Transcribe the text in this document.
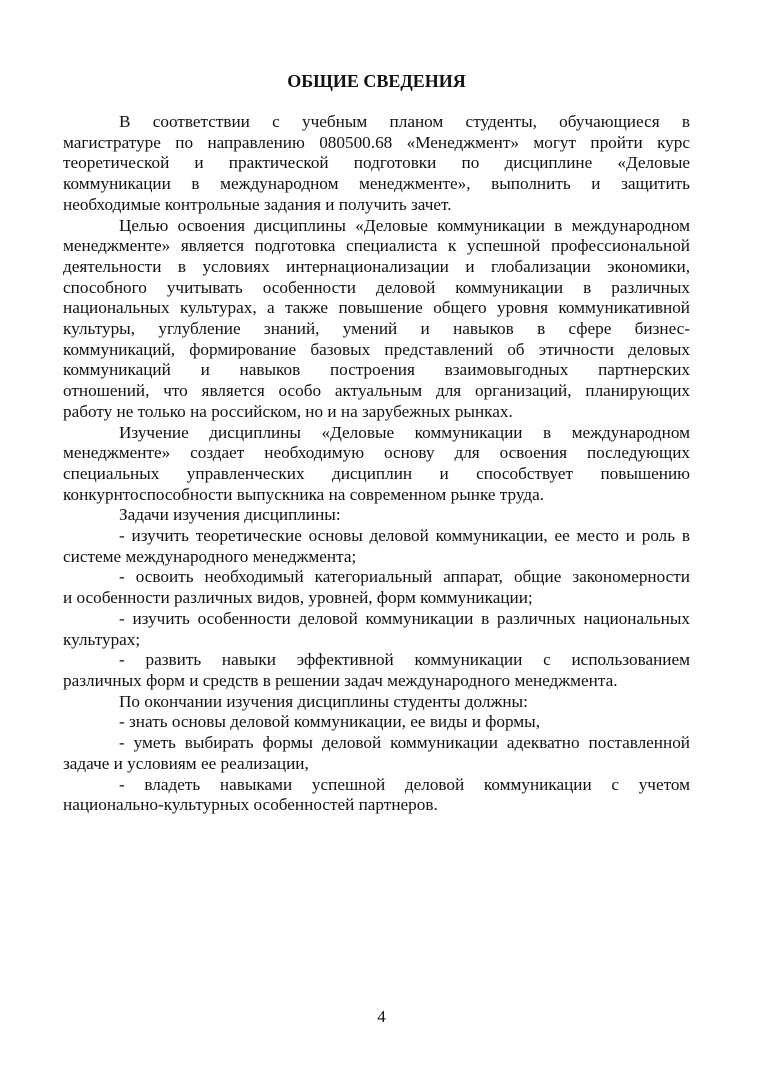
ОБЩИЕ СВЕДЕНИЯ
В соответствии с учебным планом студенты, обучающиеся в
магистратуре по направлению 080500.68 «Менеджмент» могут пройти курс
теоретической и практической подготовки по дисциплине «Деловые
коммуникации в международном менеджменте», выполнить и защитить
необходимые контрольные задания и получить зачет.
Целью освоения дисциплины «Деловые коммуникации в международном
менеджменте» является подготовка специалиста к успешной профессиональной
деятельности в условиях интернационализации и глобализации экономики,
способного учитывать особенности деловой коммуникации в различных
национальных культурах, а также повышение общего уровня коммуникативной
культуры, углубление знаний, умений и навыков в сфере бизнес-
коммуникаций, формирование базовых представлений об этичности деловых
коммуникаций и навыков построения взаимовыгодных партнерских
отношений, что является особо актуальным для организаций, планирующих
работу не только на российском, но и на зарубежных рынках.
Изучение дисциплины «Деловые коммуникации в международном
менеджменте» создает необходимую основу для освоения последующих
специальных управленческих дисциплин и способствует повышению
конкурнтоспособности выпускника на современном рынке труда.
Задачи изучения дисциплины:
- изучить теоретические основы деловой коммуникации, ее место и роль в
системе международного менеджмента;
- освоить необходимый категориальный аппарат, общие закономерности
и особенности различных видов, уровней, форм коммуникации;
- изучить особенности деловой коммуникации в различных национальных
культурах;
- развить навыки эффективной коммуникации с использованием
различных форм и средств в решении задач международного менеджмента.
По окончании изучения дисциплины студенты должны:
- знать основы деловой коммуникации, ее виды и формы,
- уметь выбирать формы деловой коммуникации адекватно поставленной
задаче и условиям ее реализации,
- владеть навыками успешной деловой коммуникации с учетом
национально-культурных особенностей партнеров.
4
